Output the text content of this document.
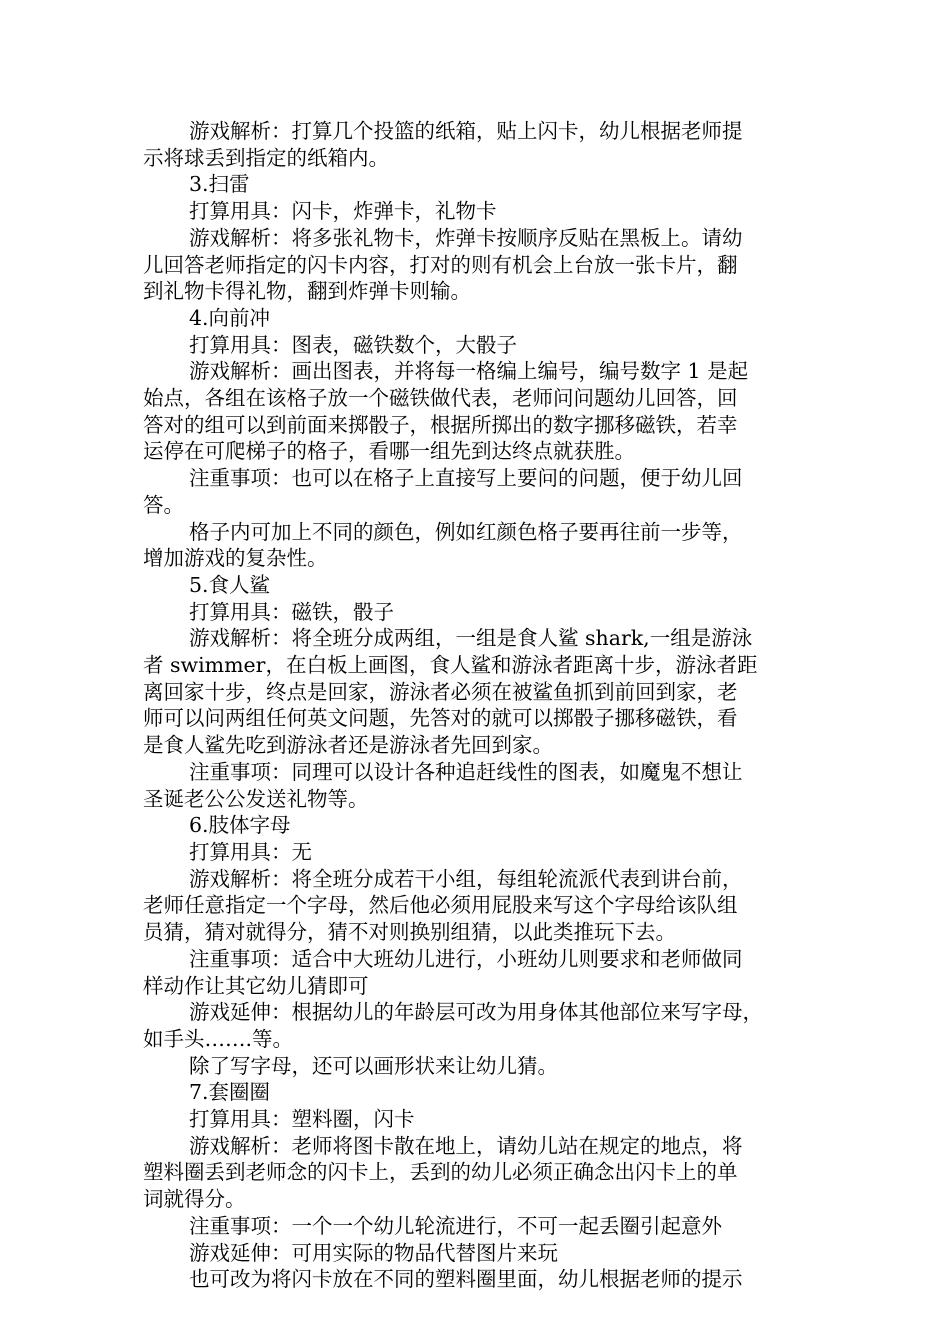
游戏解析：打算几个投篮的纸箱，贴上闪卡，幼儿根据老师提

示将球丢到指定的纸箱内。

3.扫雷

打算用具：闪卡，炸弹卡，礼物卡

游戏解析：将多张礼物卡，炸弹卡按顺序反贴在黑板上。请幼

儿回答老师指定的闪卡内容，打对的则有机会上台放一张卡片，翻

到礼物卡得礼物，翻到炸弹卡则输。

4.向前冲

打算用具：图表，磁铁数个，大骰子

游戏解析：画出图表，并将每一格编上编号，编号数字 1 是起

始点，各组在该格子放一个磁铁做代表，老师问问题幼儿回答，回

答对的组可以到前面来掷骰子，根据所掷出的数字挪移磁铁，若幸

运停在可爬梯子的格子，看哪一组先到达终点就获胜。

注重事项：也可以在格子上直接写上要问的问题，便于幼儿回

答。

格子内可加上不同的颜色，例如红颜色格子要再往前一步等，

增加游戏的复杂性。

5.食人鲨

打算用具：磁铁，骰子

游戏解析：将全班分成两组，一组是食人鲨 shark,一组是游泳

者 swimmer，在白板上画图，食人鲨和游泳者距离十步，游泳者距

离回家十步，终点是回家，游泳者必须在被鲨鱼抓到前回到家，老

师可以问两组任何英文问题，先答对的就可以掷骰子挪移磁铁，看

是食人鲨先吃到游泳者还是游泳者先回到家。

注重事项：同理可以设计各种追赶线性的图表，如魔鬼不想让

圣诞老公公发送礼物等。

6.肢体字母

打算用具：无

游戏解析：将全班分成若干小组，每组轮流派代表到讲台前，

老师任意指定一个字母，然后他必须用屁股来写这个字母给该队组

员猜，猜对就得分，猜不对则换别组猜，以此类推玩下去。

注重事项：适合中大班幼儿进行，小班幼儿则要求和老师做同

样动作让其它幼儿猜即可

游戏延伸：根据幼儿的年龄层可改为用身体其他部位来写字母，

如手头…….等。

除了写字母，还可以画形状来让幼儿猜。

7.套圈圈

打算用具：塑料圈，闪卡

游戏解析：老师将图卡散在地上，请幼儿站在规定的地点，将

塑料圈丢到老师念的闪卡上，丢到的幼儿必须正确念出闪卡上的单

词就得分。

注重事项：一个一个幼儿轮流进行，不可一起丢圈引起意外

游戏延伸：可用实际的物品代替图片来玩

也可改为将闪卡放在不同的塑料圈里面，幼儿根据老师的提示
